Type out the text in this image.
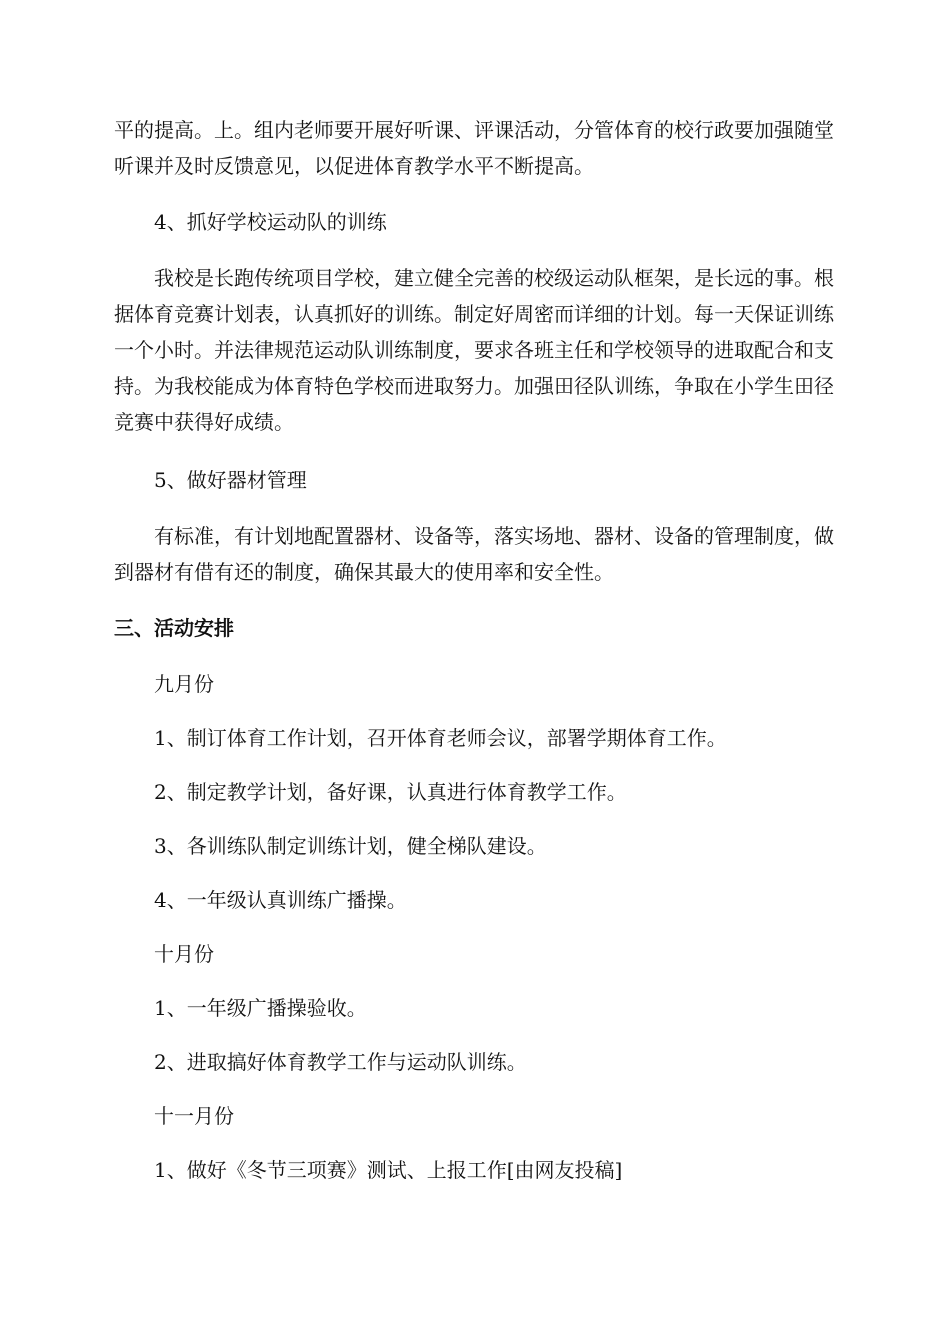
平的提高。上。组内老师要开展好听课、评课活动，分管体育的校行政要加强随堂听课并及时反馈意见，以促进体育教学水平不断提高。

4、抓好学校运动队的训练

我校是长跑传统项目学校，建立健全完善的校级运动队框架，是长远的事。根据体育竞赛计划表，认真抓好的训练。制定好周密而详细的计划。每一天保证训练一个小时。并法律规范运动队训练制度，要求各班主任和学校领导的进取配合和支持。为我校能成为体育特色学校而进取努力。加强田径队训练，争取在小学生田径竞赛中获得好成绩。

5、做好器材管理

有标准，有计划地配置器材、设备等，落实场地、器材、设备的管理制度，做到器材有借有还的制度，确保其最大的使用率和安全性。

三、活动安排

九月份

1、制订体育工作计划，召开体育老师会议，部署学期体育工作。

2、制定教学计划，备好课，认真进行体育教学工作。

3、各训练队制定训练计划，健全梯队建设。

4、一年级认真训练广播操。

十月份

1、一年级广播操验收。

2、进取搞好体育教学工作与运动队训练。

十一月份

1、做好《冬节三项赛》测试、上报工作[由网友投稿]
